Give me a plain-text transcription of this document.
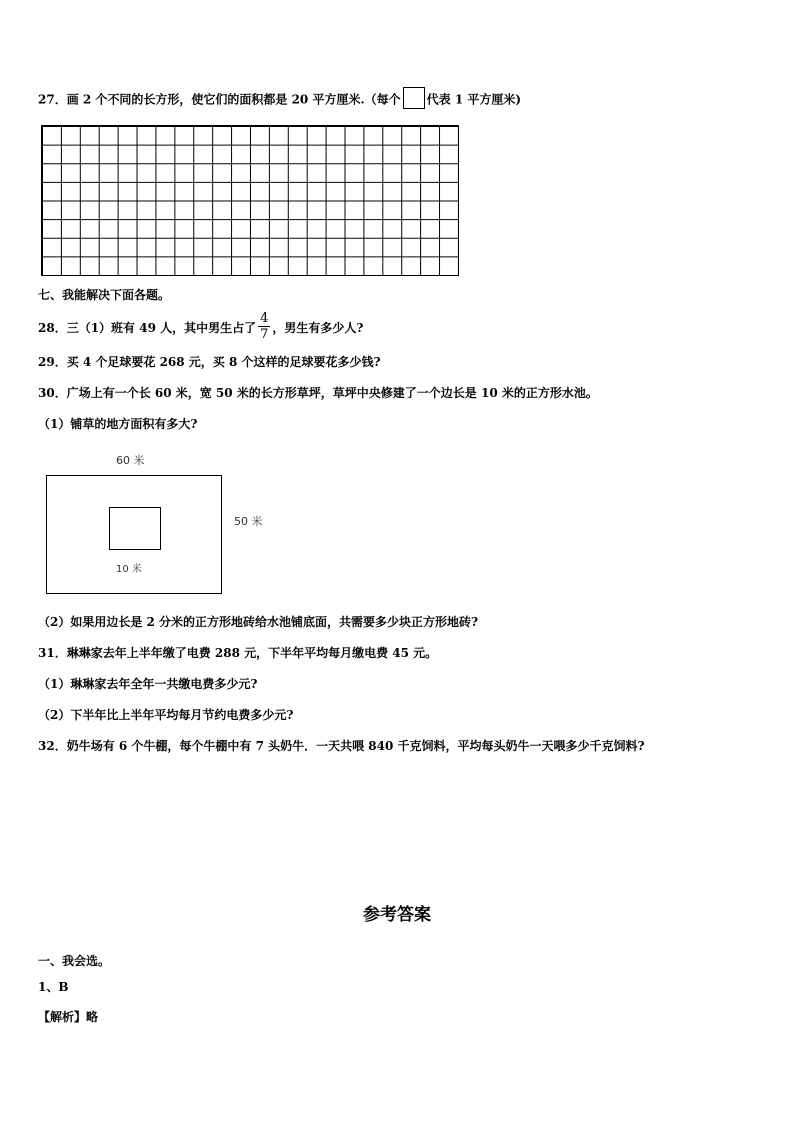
27．画 2 个不同的长方形，使它们的面积都是 20 平方厘米.（每个 代表 1 平方厘米)
七、我能解决下面各题。
28．三（1）班有 49 人，其中男生占了 $\frac{4}{7}$ ，男生有多少人?
29．买 4 个足球要花 268 元，买 8 个这样的足球要花多少钱?
30．广场上有一个长 60 米，宽 50 米的长方形草坪，草坪中央修建了一个边长是 10 米的正方形水池。
（1）铺草的地方面积有多大?
60 米
50 米
10 米
（2）如果用边长是 2 分米的正方形地砖给水池铺底面，共需要多少块正方形地砖?
31．琳琳家去年上半年缴了电费 288 元，下半年平均每月缴电费 45 元。
（1）琳琳家去年全年一共缴电费多少元?
（2）下半年比上半年平均每月节约电费多少元?
32．奶牛场有 6 个牛棚，每个牛棚中有 7 头奶牛．一天共喂 840 千克饲料，平均每头奶牛一天喂多少千克饲料?
参考答案
一、我会选。
1、B
【解析】略
